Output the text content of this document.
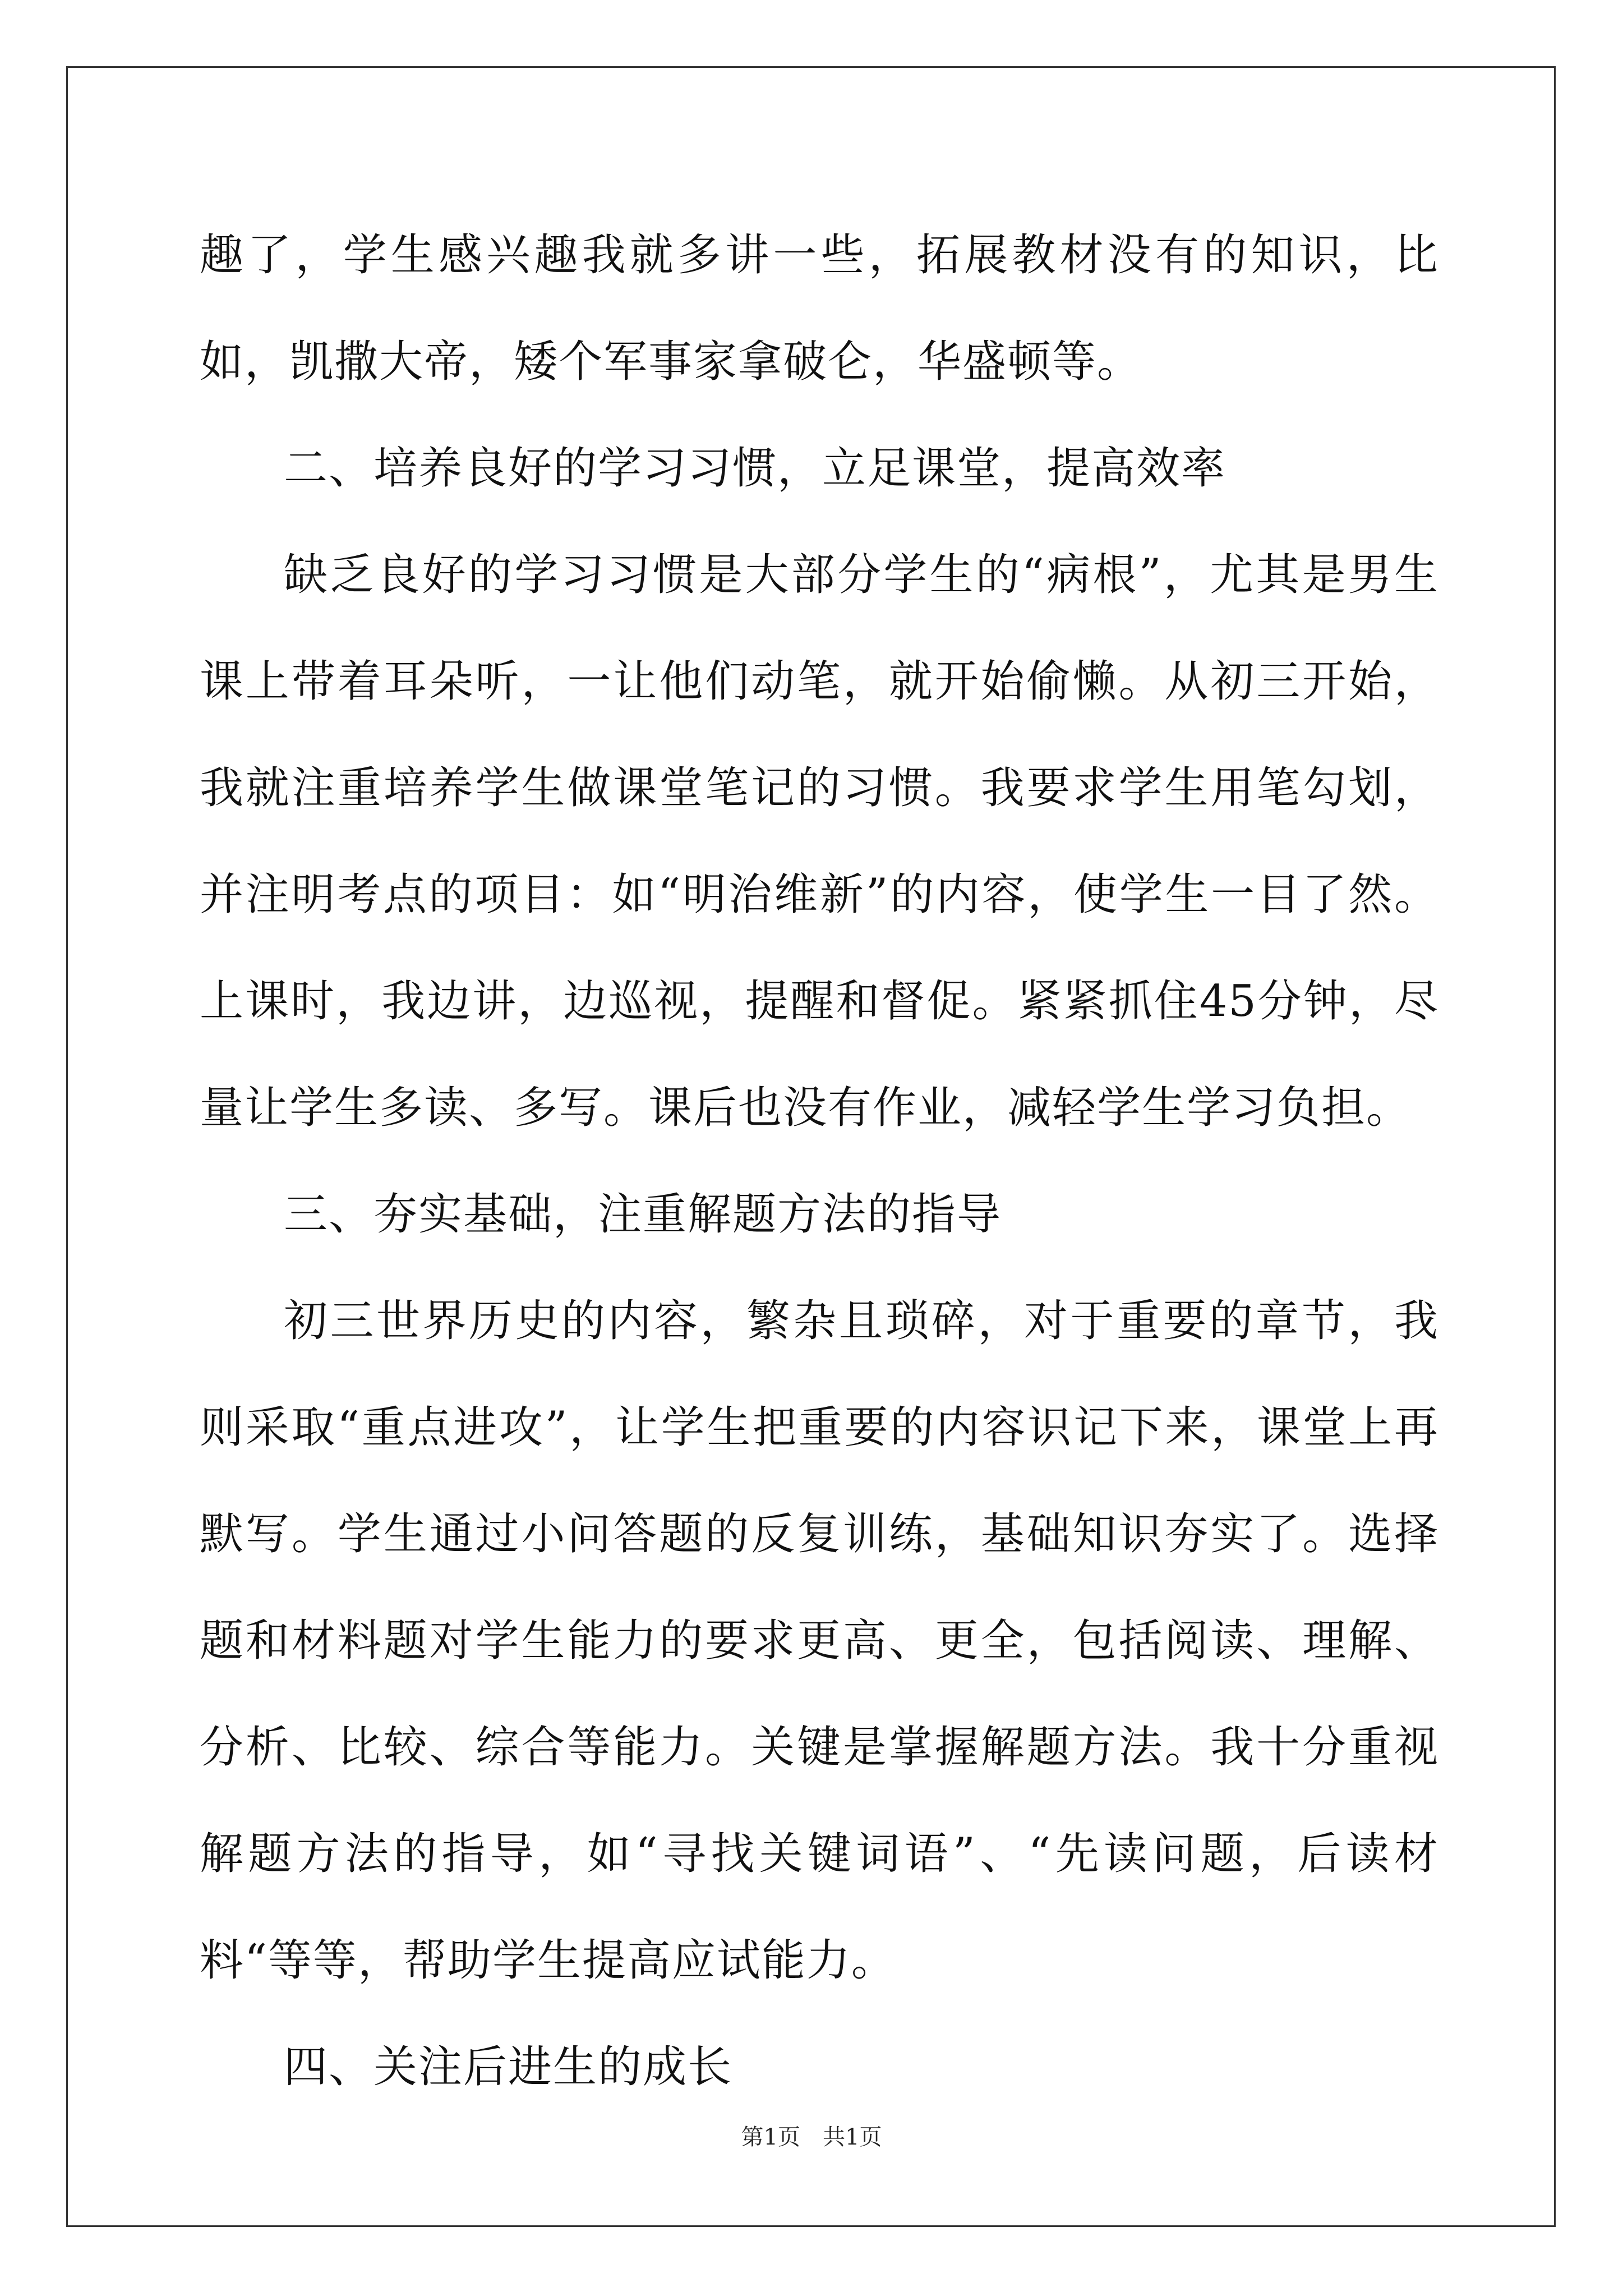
趣了，学生感兴趣我就多讲一些，拓展教材没有的知识，比如，凯撒大帝，矮个军事家拿破仑，华盛顿等。

二、培养良好的学习习惯，立足课堂，提高效率

缺乏良好的学习习惯是大部分学生的“病根”，尤其是男生课上带着耳朵听，一让他们动笔，就开始偷懒。从初三开始，我就注重培养学生做课堂笔记的习惯。我要求学生用笔勾划，并注明考点的项目：如“明治维新”的内容，使学生一目了然。上课时，我边讲，边巡视，提醒和督促。紧紧抓住45分钟，尽量让学生多读、多写。课后也没有作业，减轻学生学习负担。

三、夯实基础，注重解题方法的指导

初三世界历史的内容，繁杂且琐碎，对于重要的章节，我则采取“重点进攻”，让学生把重要的内容识记下来，课堂上再默写。学生通过小问答题的反复训练，基础知识夯实了。选择题和材料题对学生能力的要求更高、更全，包括阅读、理解、分析、比较、综合等能力。关键是掌握解题方法。我十分重视解题方法的指导，如“寻找关键词语”、“先读问题，后读材料“等等，帮助学生提高应试能力。

四、关注后进生的成长

第1页　共1页
